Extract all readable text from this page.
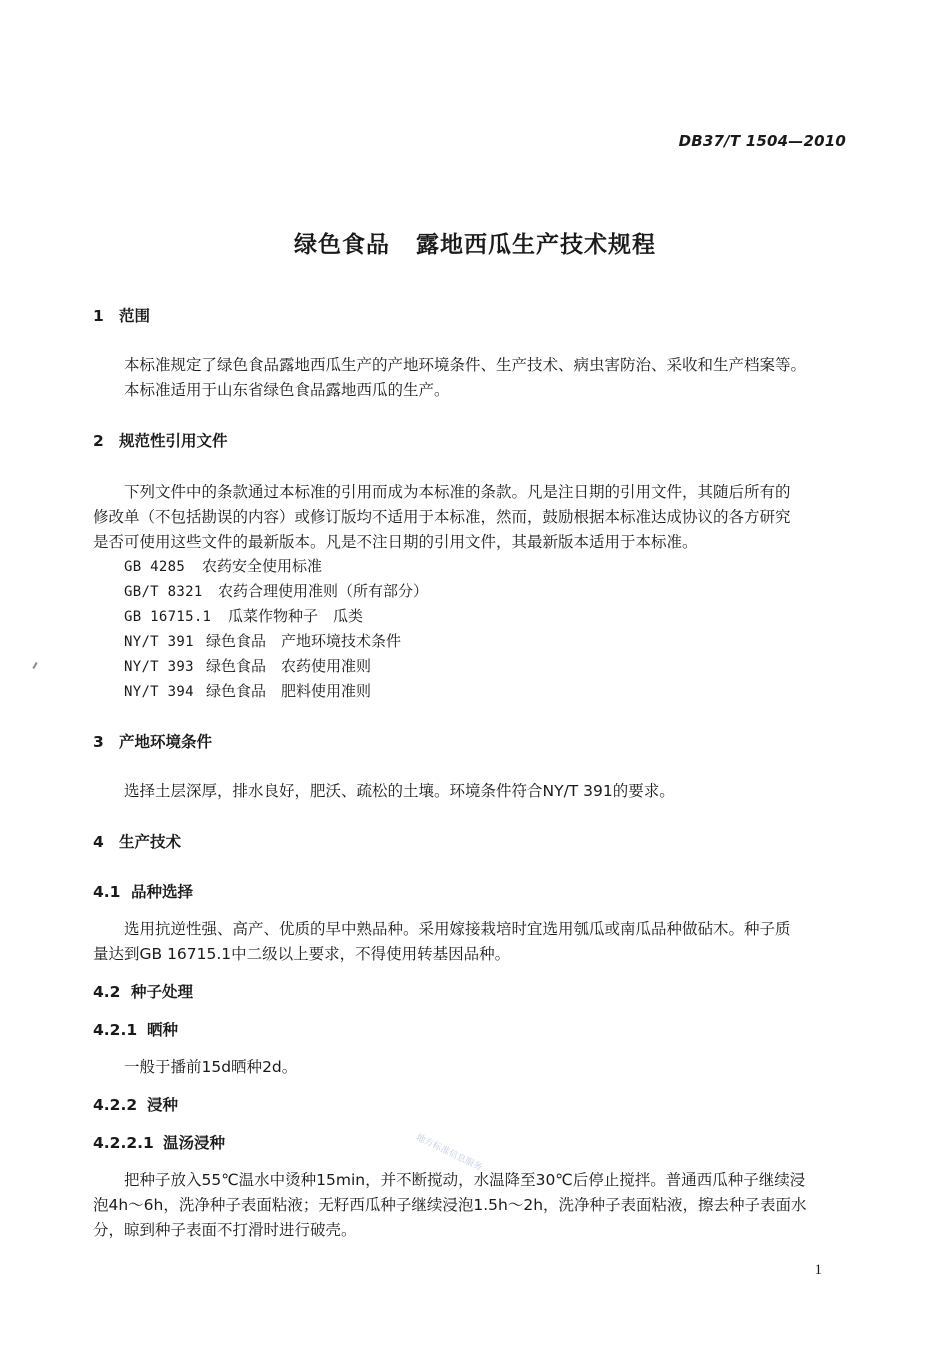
DB37/T 1504—2010
绿色食品 露地西瓜生产技术规程
1 范围
本标准规定了绿色食品露地西瓜生产的产地环境条件、生产技术、病虫害防治、采收和生产档案等。
本标准适用于山东省绿色食品露地西瓜的生产。
2 规范性引用文件
下列文件中的条款通过本标准的引用而成为本标准的条款。凡是注日期的引用文件，其随后所有的
修改单（不包括勘误的内容）或修订版均不适用于本标准，然而，鼓励根据本标准达成协议的各方研究
是否可使用这些文件的最新版本。凡是不注日期的引用文件，其最新版本适用于本标准。
GB 4285 农药安全使用标准
GB/T 8321 农药合理使用准则（所有部分）
GB 16715.1 瓜菜作物种子　瓜类
NY/T 391 绿色食品　产地环境技术条件
NY/T 393 绿色食品　农药使用准则
NY/T 394 绿色食品　肥料使用准则
3 产地环境条件
选择土层深厚，排水良好，肥沃、疏松的土壤。环境条件符合NY/T 391的要求。
4 生产技术
4.1 品种选择
选用抗逆性强、高产、优质的早中熟品种。采用嫁接栽培时宜选用瓠瓜或南瓜品种做砧木。种子质
量达到GB 16715.1中二级以上要求，不得使用转基因品种。
4.2 种子处理
4.2.1 晒种
一般于播前15d晒种2d。
4.2.2 浸种
4.2.2.1 温汤浸种
把种子放入55℃温水中烫种15min，并不断搅动，水温降至30℃后停止搅拌。普通西瓜种子继续浸
泡4h～6h，洗净种子表面粘液；无籽西瓜种子继续浸泡1.5h～2h，洗净种子表面粘液，擦去种子表面水
分，晾到种子表面不打滑时进行破壳。
地方标准信息服务
1
